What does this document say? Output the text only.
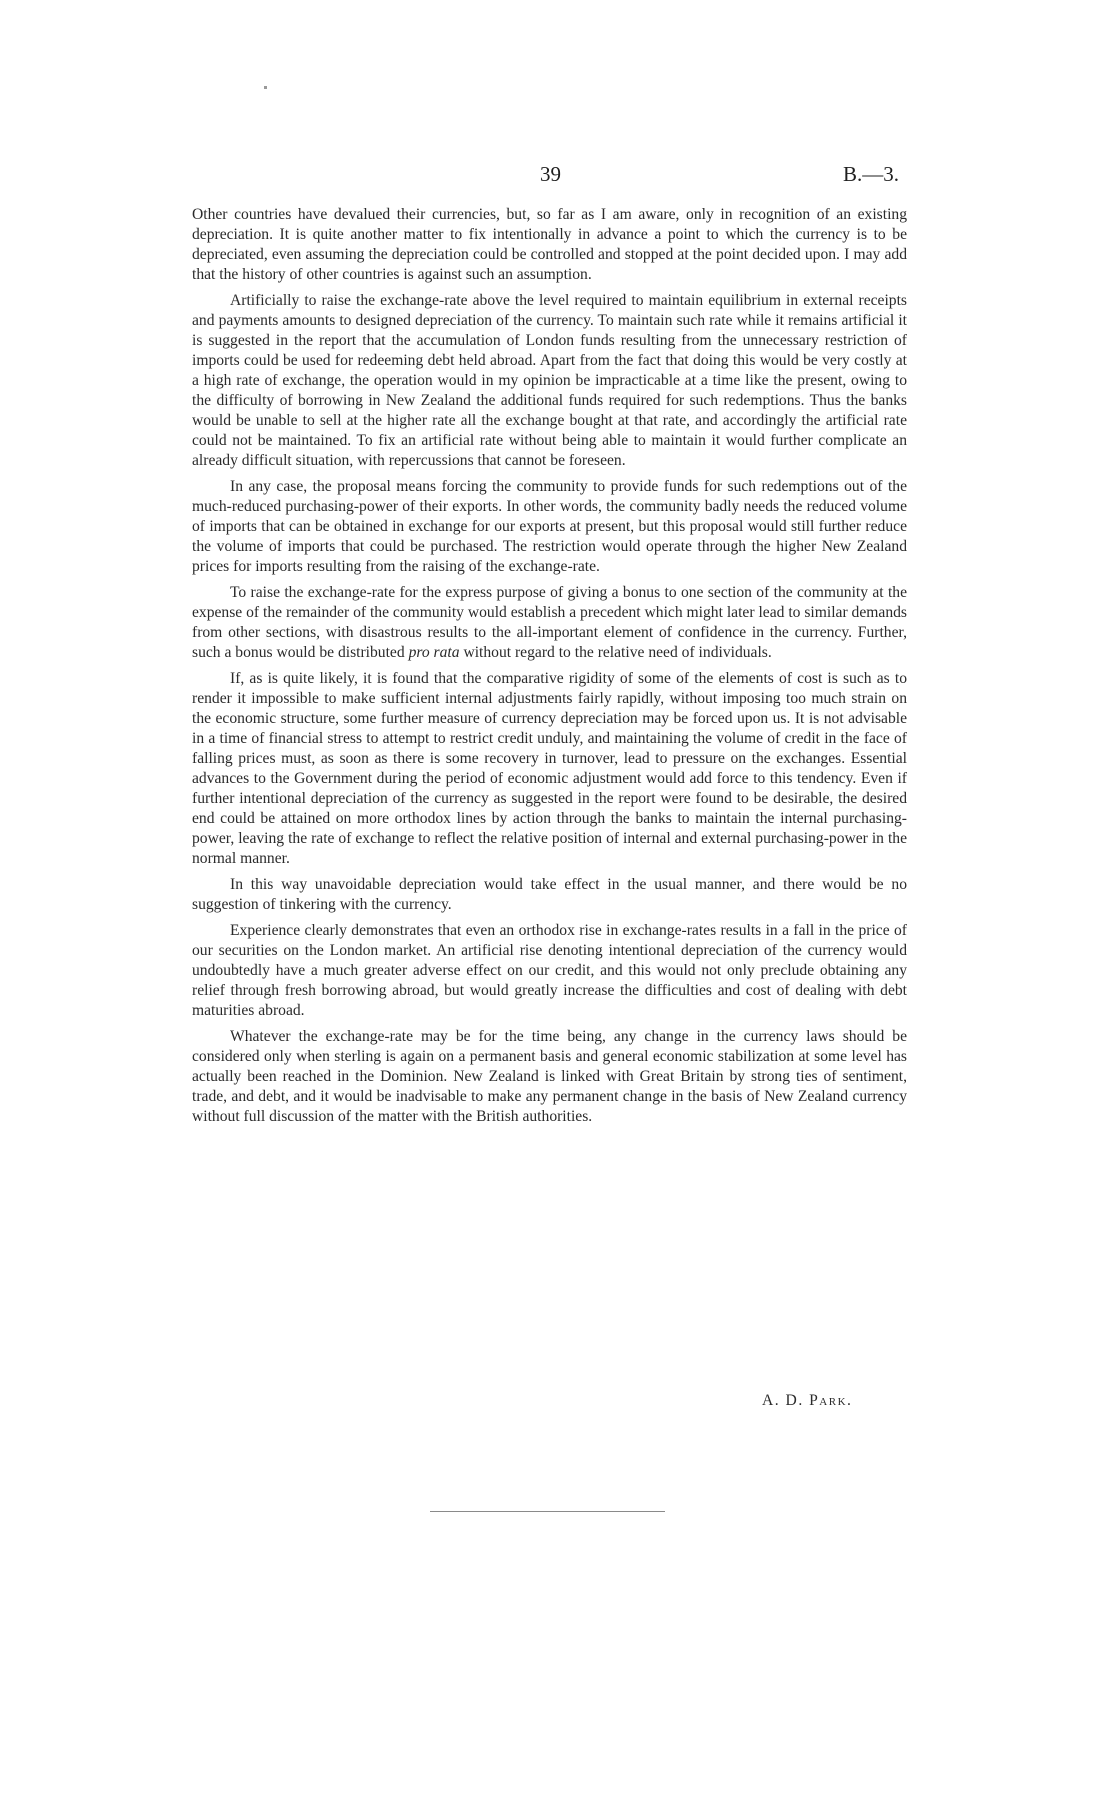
39	B.—3.

Other countries have devalued their currencies, but, so far as I am aware, only in recognition of an existing depreciation. It is quite another matter to fix intentionally in advance a point to which the currency is to be depreciated, even assuming the depreciation could be controlled and stopped at the point decided upon. I may add that the history of other countries is against such an assumption.

Artificially to raise the exchange-rate above the level required to maintain equilibrium in external receipts and payments amounts to designed depreciation of the currency. To maintain such rate while it remains artificial it is suggested in the report that the accumulation of London funds resulting from the unnecessary restriction of imports could be used for redeeming debt held abroad. Apart from the fact that doing this would be very costly at a high rate of exchange, the operation would in my opinion be impracticable at a time like the present, owing to the difficulty of borrowing in New Zealand the additional funds required for such redemptions. Thus the banks would be unable to sell at the higher rate all the exchange bought at that rate, and accordingly the artificial rate could not be maintained. To fix an artificial rate without being able to maintain it would further complicate an already difficult situation, with repercussions that cannot be foreseen.

In any case, the proposal means forcing the community to provide funds for such redemptions out of the much-reduced purchasing-power of their exports. In other words, the community badly needs the reduced volume of imports that can be obtained in exchange for our exports at present, but this proposal would still further reduce the volume of imports that could be purchased. The restriction would operate through the higher New Zealand prices for imports resulting from the raising of the exchange-rate.

To raise the exchange-rate for the express purpose of giving a bonus to one section of the community at the expense of the remainder of the community would establish a precedent which might later lead to similar demands from other sections, with disastrous results to the all-important element of confidence in the currency. Further, such a bonus would be distributed pro rata without regard to the relative need of individuals.

If, as is quite likely, it is found that the comparative rigidity of some of the elements of cost is such as to render it impossible to make sufficient internal adjustments fairly rapidly, without imposing too much strain on the economic structure, some further measure of currency depreciation may be forced upon us. It is not advisable in a time of financial stress to attempt to restrict credit unduly, and maintaining the volume of credit in the face of falling prices must, as soon as there is some recovery in turnover, lead to pressure on the exchanges. Essential advances to the Government during the period of economic adjustment would add force to this tendency. Even if further intentional depreciation of the currency as suggested in the report were found to be desirable, the desired end could be attained on more orthodox lines by action through the banks to maintain the internal purchasing-power, leaving the rate of exchange to reflect the relative position of internal and external purchasing-power in the normal manner.

In this way unavoidable depreciation would take effect in the usual manner, and there would be no suggestion of tinkering with the currency.

Experience clearly demonstrates that even an orthodox rise in exchange-rates results in a fall in the price of our securities on the London market. An artificial rise denoting intentional depreciation of the currency would undoubtedly have a much greater adverse effect on our credit, and this would not only preclude obtaining any relief through fresh borrowing abroad, but would greatly increase the difficulties and cost of dealing with debt maturities abroad.

Whatever the exchange-rate may be for the time being, any change in the currency laws should be considered only when sterling is again on a permanent basis and general economic stabilization at some level has actually been reached in the Dominion. New Zealand is linked with Great Britain by strong ties of sentiment, trade, and debt, and it would be inadvisable to make any permanent change in the basis of New Zealand currency without full discussion of the matter with the British authorities.

A. D. Park.
